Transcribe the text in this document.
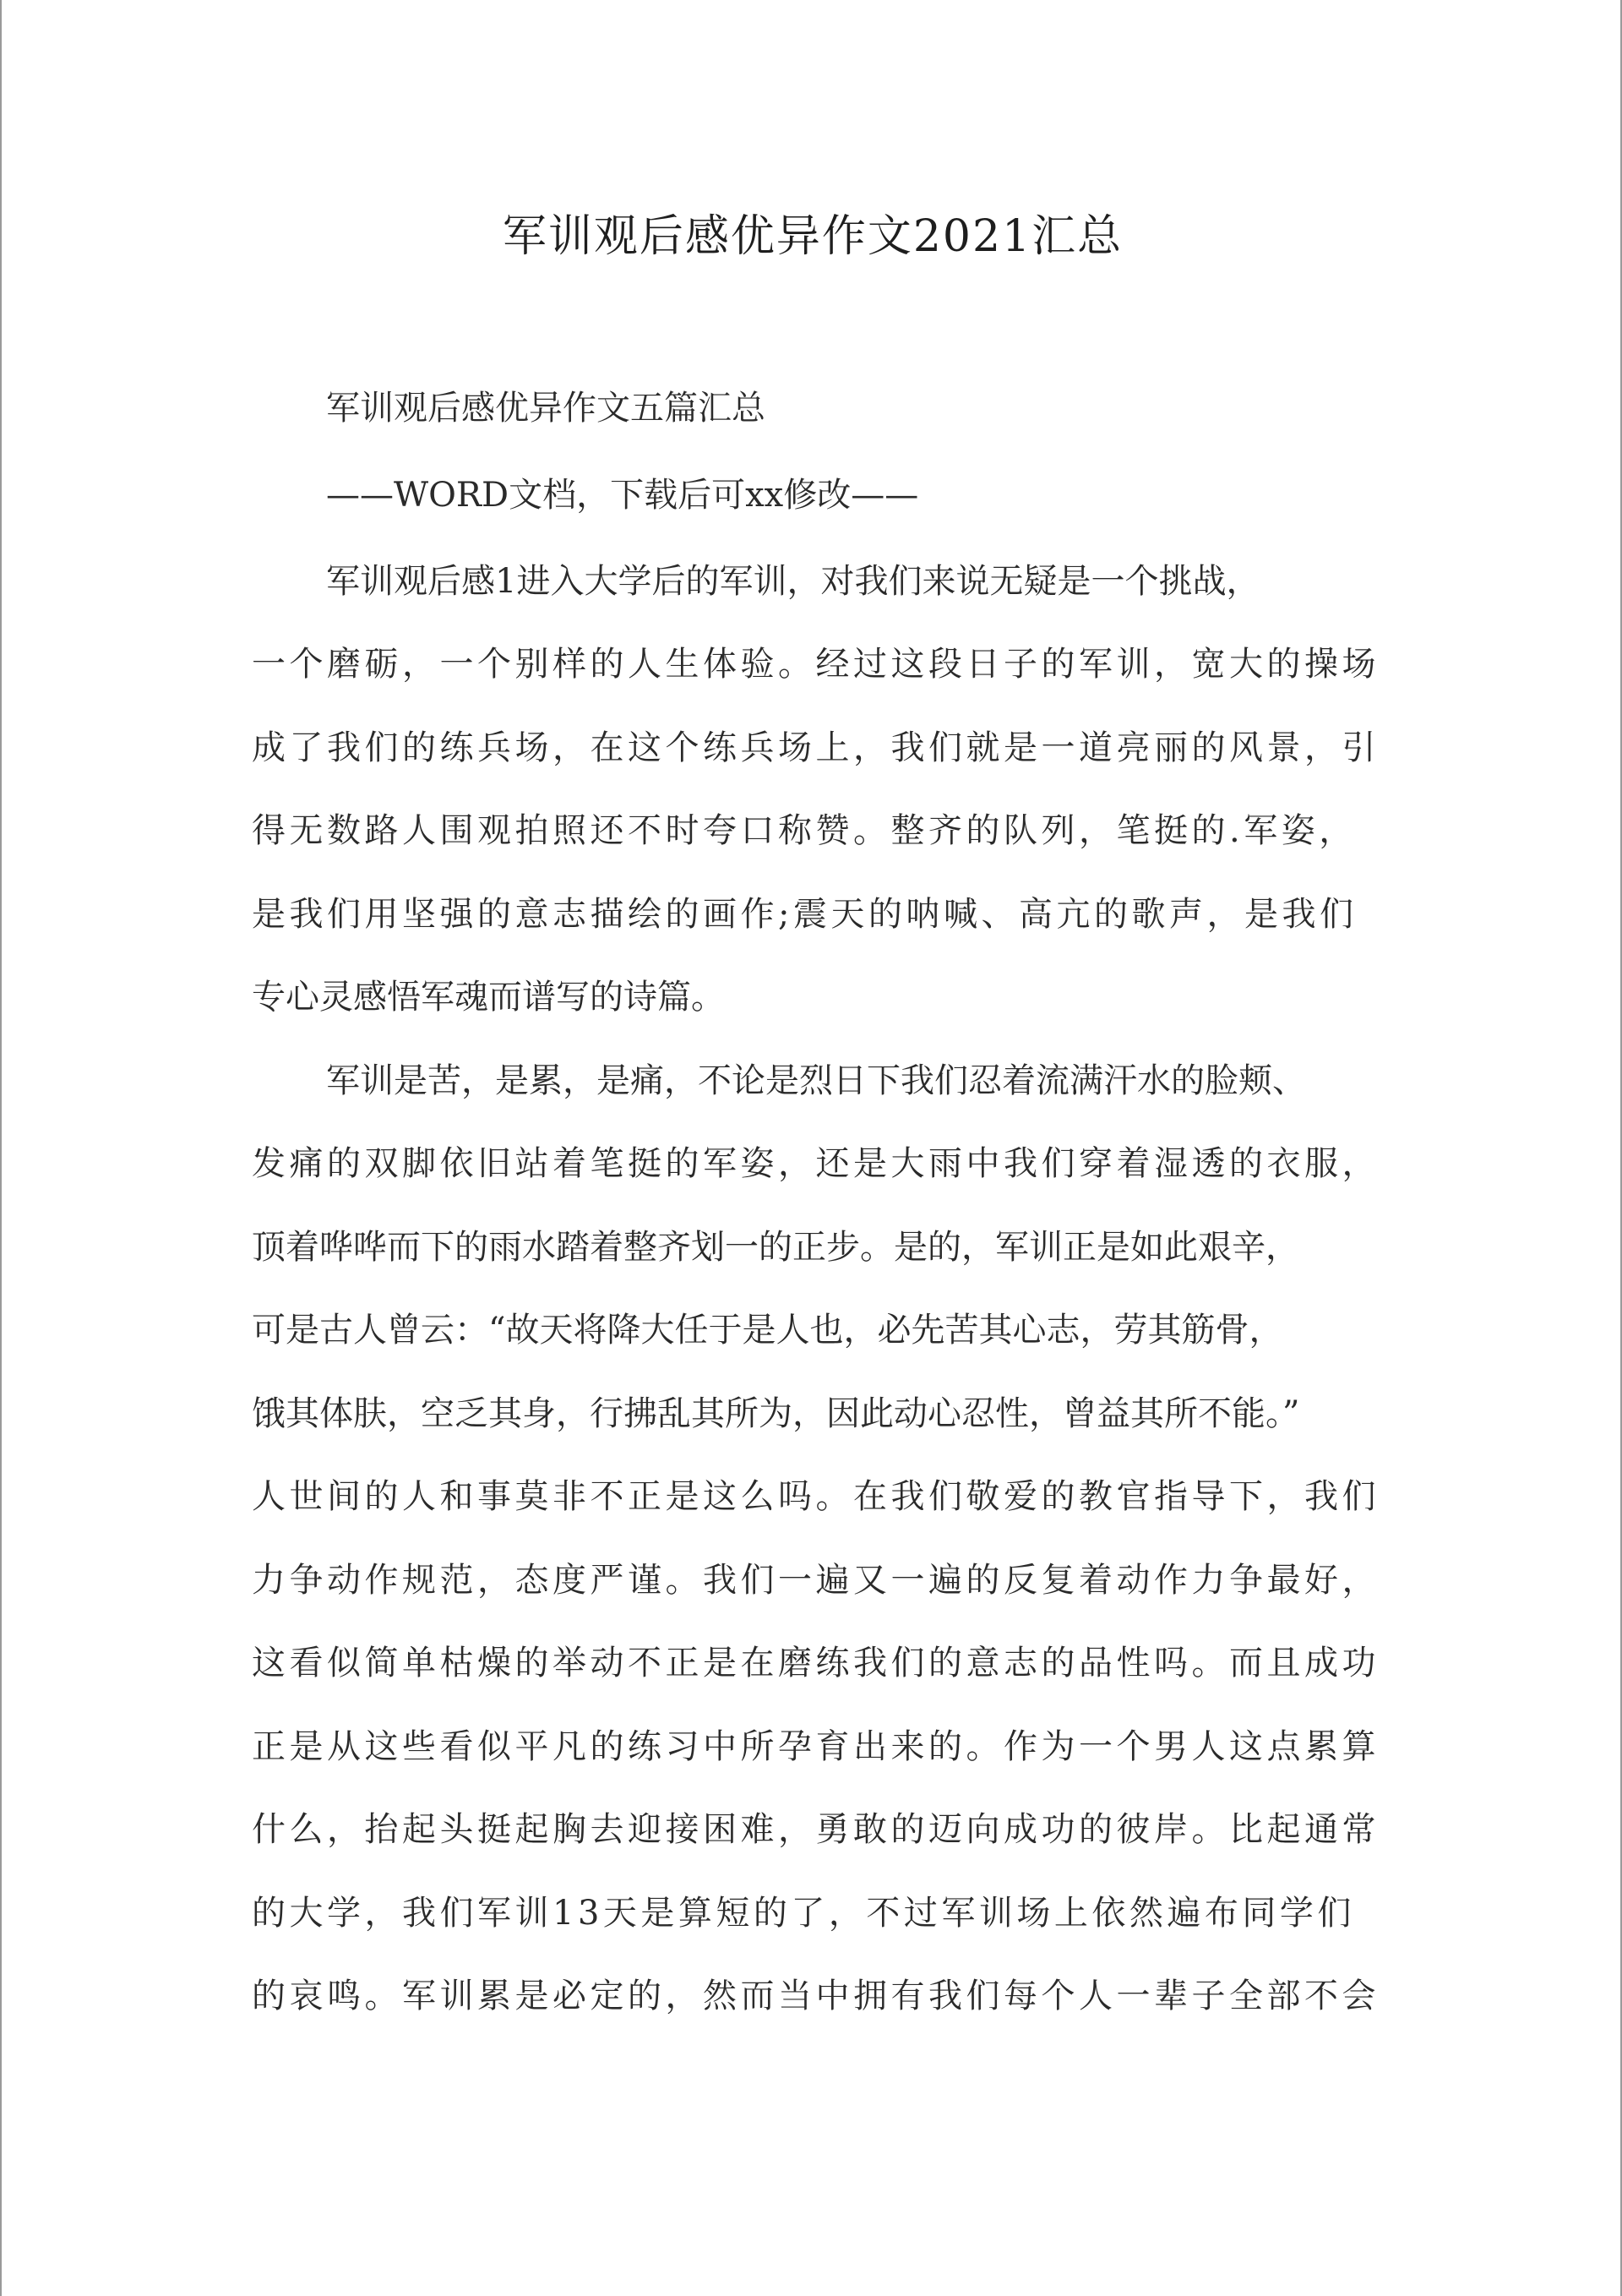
军训观后感优异作文2021汇总
军训观后感优异作文五篇汇总
——WORD文档，下载后可xx修改——
军训观后感1进入大学后的军训，对我们来说无疑是一个挑战，
一个磨砺，一个别样的人生体验。经过这段日子的军训，宽大的操场
成了我们的练兵场，在这个练兵场上，我们就是一道亮丽的风景，引
得无数路人围观拍照还不时夸口称赞。整齐的队列，笔挺的.军姿，
是我们用坚强的意志描绘的画作;震天的呐喊、高亢的歌声，是我们
专心灵感悟军魂而谱写的诗篇。
军训是苦，是累，是痛，不论是烈日下我们忍着流满汗水的脸颊、
发痛的双脚依旧站着笔挺的军姿，还是大雨中我们穿着湿透的衣服，
顶着哗哗而下的雨水踏着整齐划一的正步。是的，军训正是如此艰辛，
可是古人曾云：“故天将降大任于是人也，必先苦其心志，劳其筋骨，
饿其体肤，空乏其身，行拂乱其所为，因此动心忍性，曾益其所不能。”
人世间的人和事莫非不正是这么吗。在我们敬爱的教官指导下，我们
力争动作规范，态度严谨。我们一遍又一遍的反复着动作力争最好，
这看似简单枯燥的举动不正是在磨练我们的意志的品性吗。而且成功
正是从这些看似平凡的练习中所孕育出来的。作为一个男人这点累算
什么，抬起头挺起胸去迎接困难，勇敢的迈向成功的彼岸。比起通常
的大学，我们军训13天是算短的了，不过军训场上依然遍布同学们
的哀鸣。军训累是必定的，然而当中拥有我们每个人一辈子全部不会
